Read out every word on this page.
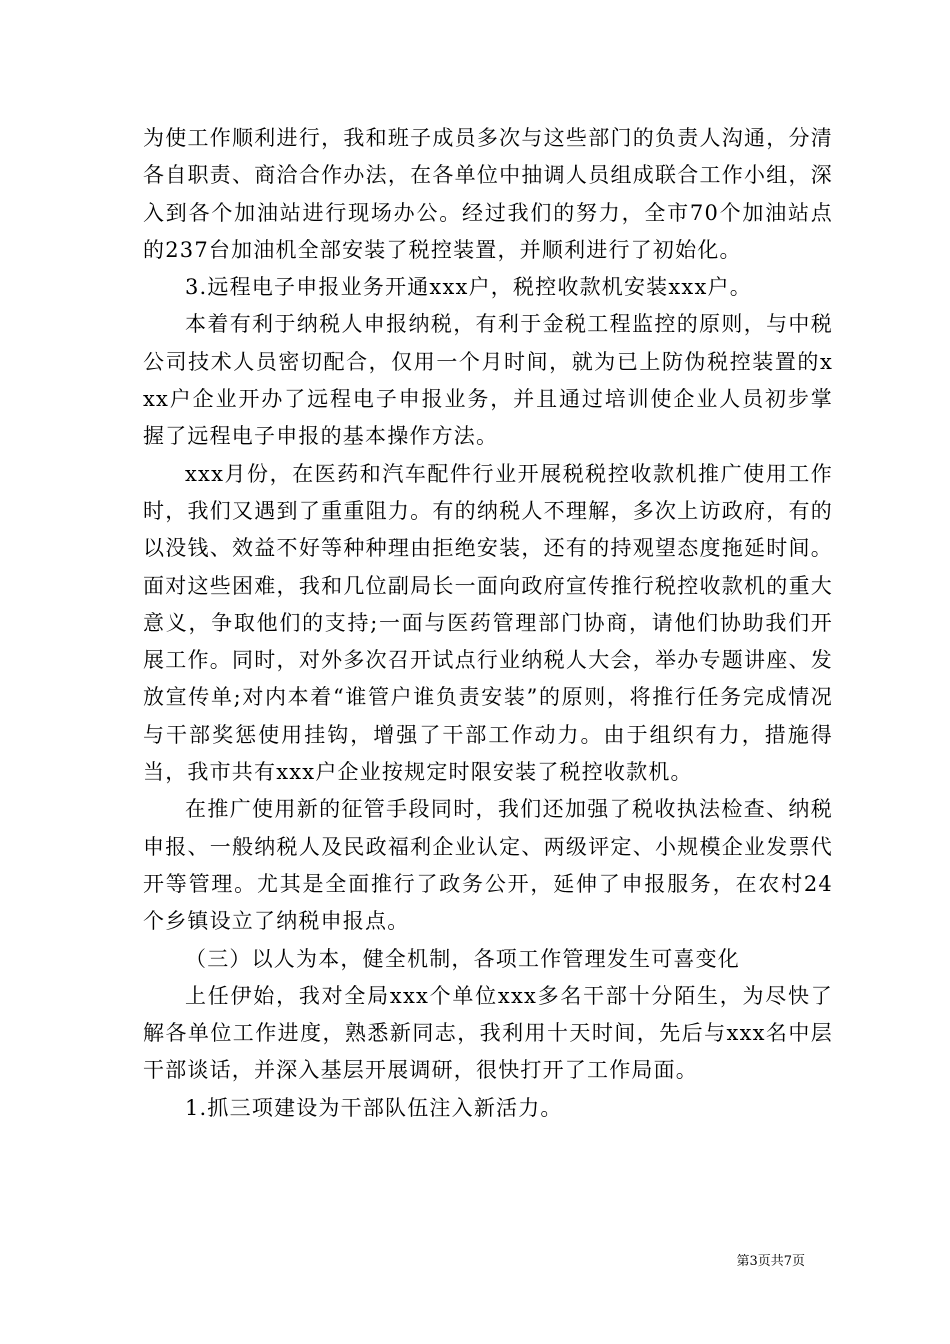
为使工作顺利进行，我和班子成员多次与这些部门的负责人沟通，分清各自职责、商洽合作办法，在各单位中抽调人员组成联合工作小组，深入到各个加油站进行现场办公。经过我们的努力，全市70个加油站点的237台加油机全部安装了税控装置，并顺利进行了初始化。

3.远程电子申报业务开通xxx户，税控收款机安装xxx户。

本着有利于纳税人申报纳税，有利于金税工程监控的原则，与中税公司技术人员密切配合，仅用一个月时间，就为已上防伪税控装置的xxx户企业开办了远程电子申报业务，并且通过培训使企业人员初步掌握了远程电子申报的基本操作方法。

xxx月份，在医药和汽车配件行业开展税税控收款机推广使用工作时，我们又遇到了重重阻力。有的纳税人不理解，多次上访政府，有的以没钱、效益不好等种种理由拒绝安装，还有的持观望态度拖延时间。面对这些困难，我和几位副局长一面向政府宣传推行税控收款机的重大意义，争取他们的支持;一面与医药管理部门协商，请他们协助我们开展工作。同时，对外多次召开试点行业纳税人大会，举办专题讲座、发放宣传单;对内本着“谁管户谁负责安装”的原则，将推行任务完成情况与干部奖惩使用挂钩，增强了干部工作动力。由于组织有力，措施得当，我市共有xxx户企业按规定时限安装了税控收款机。

在推广使用新的征管手段同时，我们还加强了税收执法检查、纳税申报、一般纳税人及民政福利企业认定、两级评定、小规模企业发票代开等管理。尤其是全面推行了政务公开，延伸了申报服务，在农村24个乡镇设立了纳税申报点。

（三）以人为本，健全机制，各项工作管理发生可喜变化

上任伊始，我对全局xxx个单位xxx多名干部十分陌生，为尽快了解各单位工作进度，熟悉新同志，我利用十天时间，先后与xxx名中层干部谈话，并深入基层开展调研，很快打开了工作局面。

1.抓三项建设为干部队伍注入新活力。

第3页共7页
